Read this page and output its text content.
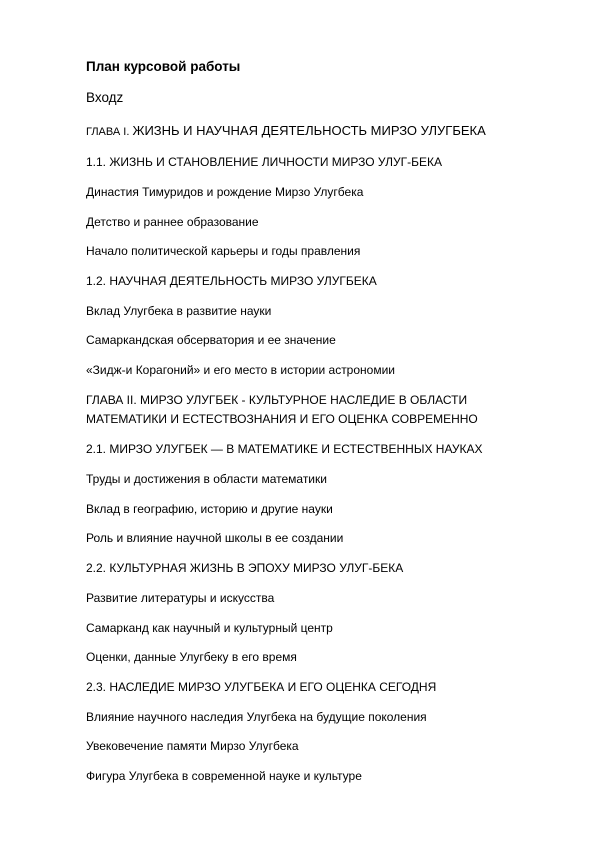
План курсовой работы
Входz
ГЛАВА I. ЖИЗНЬ И НАУЧНАЯ ДЕЯТЕЛЬНОСТЬ МИРЗО УЛУГБЕКА
1.1. ЖИЗНЬ И СТАНОВЛЕНИЕ ЛИЧНОСТИ МИРЗО УЛУГ-БЕКА
Династия Тимуридов и рождение Мирзо Улугбека
Детство и раннее образование
Начало политической карьеры и годы правления
1.2. НАУЧНАЯ ДЕЯТЕЛЬНОСТЬ МИРЗО УЛУГБЕКА
Вклад Улугбека в развитие науки
Самаркандская обсерватория и ее значение
«Зидж-и Корагоний» и его место в истории астрономии
ГЛАВА II. МИРЗО УЛУГБЕК - КУЛЬТУРНОЕ НАСЛЕДИЕ В ОБЛАСТИ
МАТЕМАТИКИ И ЕСТЕСТВОЗНАНИЯ И ЕГО ОЦЕНКА СОВРЕМЕННО
2.1. МИРЗО УЛУГБЕК — В МАТЕМАТИКЕ И ЕСТЕСТВЕННЫХ НАУКАХ
Труды и достижения в области математики
Вклад в географию, историю и другие науки
Роль и влияние научной школы в ее создании
2.2. КУЛЬТУРНАЯ ЖИЗНЬ В ЭПОХУ МИРЗО УЛУГ-БЕКА
Развитие литературы и искусства
Самарканд как научный и культурный центр
Оценки, данные Улугбеку в его время
2.3. НАСЛЕДИЕ МИРЗО УЛУГБЕКА И ЕГО ОЦЕНКА СЕГОДНЯ
Влияние научного наследия Улугбека на будущие поколения
Увековечение памяти Мирзо Улугбека
Фигура Улугбека в современной науке и культуре
